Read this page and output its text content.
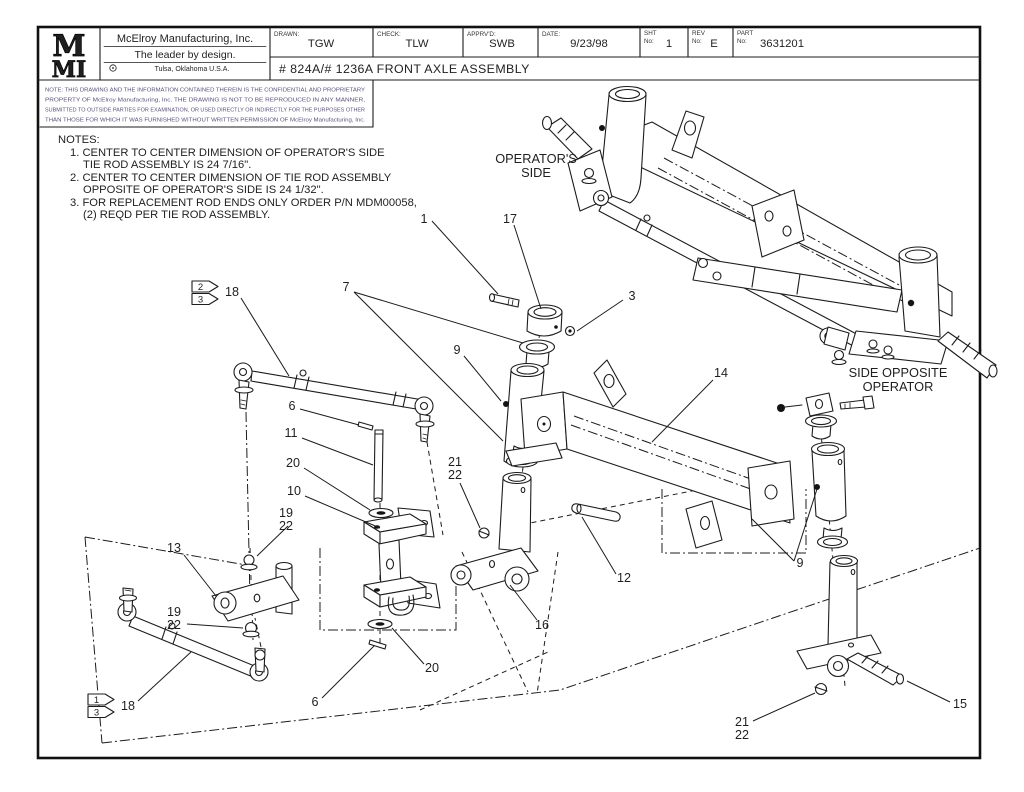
M
MI
McElroy Manufacturing, Inc.
The leader by design.
Tulsa, Oklahoma U.S.A.
DRAWN:
TGW
CHECK:
TLW
APPRV'D:
SWB
DATE:
9/23/98
SHT
No: 1
REV
No: E
PART
No: 3631201
# 824A/# 1236A FRONT AXLE ASSEMBLY
NOTE: THIS DRAWING AND THE INFORMATION CONTAINED THEREIN IS THE CONFIDENTIAL AND PROPRIETARY
PROPERTY OF McElroy Manufacturing, Inc. THE DRAWING IS NOT TO BE REPRODUCED IN ANY MANNER,
SUBMITTED TO OUTSIDE PARTIES FOR EXAMINATION, OR USED DIRECTLY OR INDIRECTLY FOR THE PURPOSES OTHER
THAN THOSE FOR WHICH IT WAS FURNISHED WITHOUT WRITTEN PERMISSION OF McElroy Manufacturing, Inc.
NOTES:
1. CENTER TO CENTER DIMENSION OF OPERATOR'S SIDE
TIE ROD ASSEMBLY IS 24 7/16".
2. CENTER TO CENTER DIMENSION OF TIE ROD ASSEMBLY
OPPOSITE OF OPERATOR'S SIDE IS 24 1/32".
3. FOR REPLACEMENT ROD ENDS ONLY ORDER P/N MDM00058,
(2) REQD PER TIE ROD ASSEMBLY.	1	17
3
7
9
14
18
6
11
20
10
19
22
13
19
22
21
22
12
16
9
15
21
22
18	6
20
2
3
1
3
OPERATOR'S
SIDE
SIDE OPPOSITE
OPERATOR
